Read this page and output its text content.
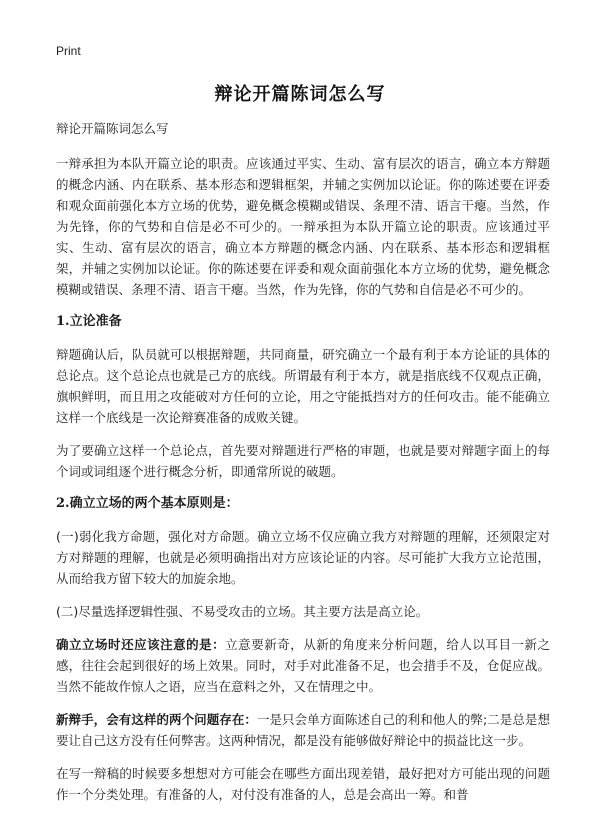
Print
辩论开篇陈词怎么写

辩论开篇陈词怎么写

一辩承担为本队开篇立论的职责。应该通过平实、生动、富有层次的语言，确立本方辩题的概念内涵、内在联系、基本形态和逻辑框架，并辅之实例加以论证。你的陈述要在评委和观众面前强化本方立场的优势，避免概念模糊或错误、条理不清、语言干瘪。当然，作为先锋，你的气势和自信是必不可少的。一辩承担为本队开篇立论的职责。应该通过平实、生动、富有层次的语言，确立本方辩题的概念内涵、内在联系、基本形态和逻辑框架，并辅之实例加以论证。你的陈述要在评委和观众面前强化本方立场的优势，避免概念模糊或错误、条理不清、语言干瘪。当然，作为先锋，你的气势和自信是必不可少的。

1.立论准备

辩题确认后，队员就可以根据辩题，共同商量，研究确立一个最有利于本方论证的具体的总论点。这个总论点也就是己方的底线。所谓最有利于本方，就是指底线不仅观点正确，旗帜鲜明，而且用之攻能破对方任何的立论，用之守能抵挡对方的任何攻击。能不能确立这样一个底线是一次论辩赛准备的成败关键。

为了要确立这样一个总论点，首先要对辩题进行严格的审题，也就是要对辩题字面上的每个词或词组逐个进行概念分析，即通常所说的破题。

2.确立立场的两个基本原则是：

(一)弱化我方命题，强化对方命题。确立立场不仅应确立我方对辩题的理解，还须限定对方对辩题的理解，也就是必须明确指出对方应该论证的内容。尽可能扩大我方立论范围，从而给我方留下较大的加旋余地。

(二)尽量选择逻辑性强、不易受攻击的立场。其主要方法是高立论。

确立立场时还应该注意的是：立意要新奇，从新的角度来分析问题，给人以耳目一新之感，往往会起到很好的场上效果。同时，对手对此准备不足，也会措手不及，仓促应战。当然不能故作惊人之语，应当在意料之外，又在情理之中。

新辩手，会有这样的两个问题存在：一是只会单方面陈述自己的利和他人的弊;二是总是想要让自己这方没有任何弊害。这两种情况，都是没有能够做好辩论中的损益比这一步。

在写一辩稿的时候要多想想对方可能会在哪些方面出现差错，最好把对方可能出现的问题作一个分类处理。有准备的人，对付没有准备的人，总是会高出一筹。和普
